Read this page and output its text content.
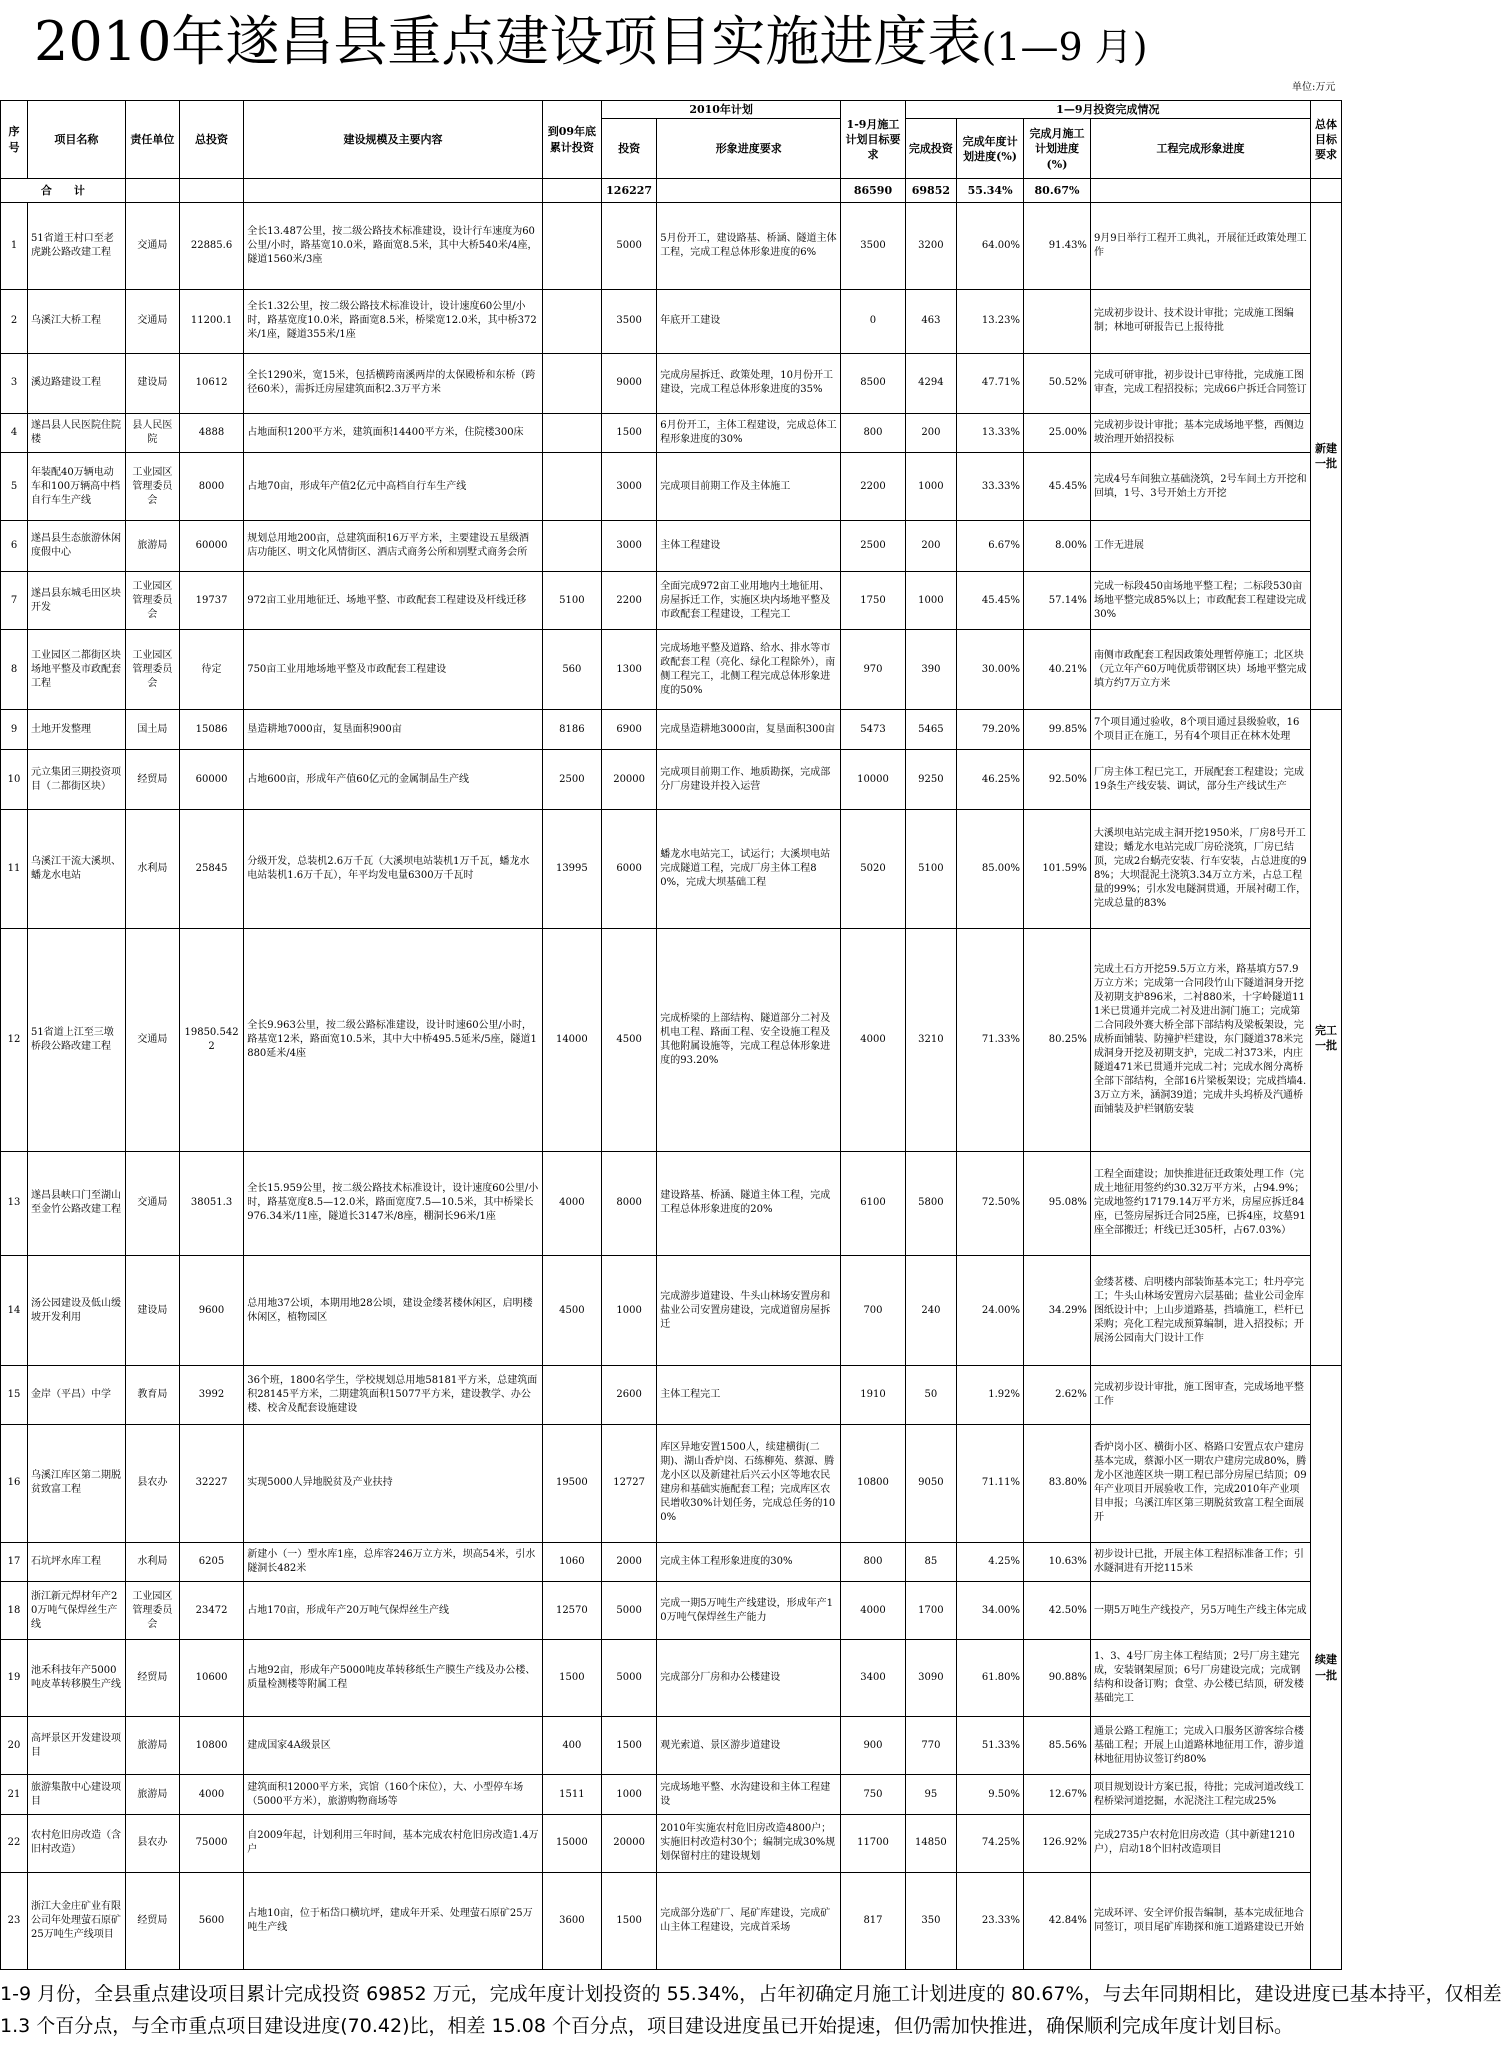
2010年遂昌县重点建设项目实施进度表(1—9 月)
单位:万元
序号	项目名称	责任单位	总投资	建设规模及主要内容	到09年底累计投资	2010年计划		1-9月施工计划目标要求	1—9月投资完成情况				总体目标要求
						投资	形象进度要求		完成投资	完成年度计划进度(%)	完成月施工计划进度(%)	工程完成形象进度	
合　　计						126227		86590	69852	55.34%	80.67%		
1	51省道王村口至老虎跳公路改建工程	交通局	22885.6	全长13.487公里，按二级公路技术标准建设，设计行车速度为60公里/小时，路基宽10.0米，路面宽8.5米，其中大桥540米/4座，隧道1560米/3座		5000	5月份开工，建设路基、桥涵、隧道主体工程，完成工程总体形象进度的6%	3500	3200	64.00%	91.43%	9月9日举行工程开工典礼，开展征迁政策处理工作	新建一批
2	乌溪江大桥工程	交通局	11200.1	全长1.32公里，按二级公路技术标准设计，设计速度60公里/小时，路基宽度10.0米，路面宽8.5米，桥梁宽12.0米，其中桥372米/1座，隧道355米/1座		3500	年底开工建设	0	463	13.23%		完成初步设计、技术设计审批；完成施工图编制；林地可研报告已上报待批	
3	溪边路建设工程	建设局	10612	全长1290米，宽15米，包括横跨南溪两岸的太保殿桥和东桥（跨径60米），需拆迁房屋建筑面积2.3万平方米		9000	完成房屋拆迁、政策处理，10月份开工建设，完成工程总体形象进度的35%	8500	4294	47.71%	50.52%	完成可研审批，初步设计已审待批，完成施工图审查，完成工程招投标；完成66户拆迁合同签订	
4	遂昌县人民医院住院楼	县人民医院	4888	占地面积1200平方米，建筑面积14400平方米，住院楼300床		1500	6月份开工，主体工程建设，完成总体工程形象进度的30%	800	200	13.33%	25.00%	完成初步设计审批；基本完成场地平整，西侧边坡治理开始招投标	
5	年装配40万辆电动车和100万辆高中档自行车生产线	工业园区管理委员会	8000	占地70亩，形成年产值2亿元中高档自行车生产线		3000	完成项目前期工作及主体施工	2200	1000	33.33%	45.45%	完成4号车间独立基础浇筑，2号车间土方开挖和回填，1号、3号开始土方开挖	
6	遂昌县生态旅游休闲度假中心	旅游局	60000	规划总用地200亩，总建筑面积16万平方米，主要建设五星级酒店功能区、明文化风情街区、酒店式商务公所和别墅式商务会所		3000	主体工程建设	2500	200	6.67%	8.00%	工作无进展	
7	遂昌县东城毛田区块开发	工业园区管理委员会	19737	972亩工业用地征迁、场地平整、市政配套工程建设及杆线迁移	5100	2200	全面完成972亩工业用地内土地征用、房屋拆迁工作，实施区块内场地平整及市政配套工程建设，工程完工	1750	1000	45.45%	57.14%	完成一标段450亩场地平整工程；二标段530亩场地平整完成85%以上；市政配套工程建设完成30%	
8	工业园区二都街区块场地平整及市政配套工程	工业园区管理委员会	待定	750亩工业用地场地平整及市政配套工程建设	560	1300	完成场地平整及道路、给水、排水等市政配套工程（亮化、绿化工程除外），南侧工程完工，北侧工程完成总体形象进度的50%	970	390	30.00%	40.21%	南侧市政配套工程因政策处理暂停施工；北区块（元立年产60万吨优质带钢区块）场地平整完成填方约7万立方米	
9	土地开发整理	国土局	15086	垦造耕地7000亩，复垦面积900亩	8186	6900	完成垦造耕地3000亩，复垦面积300亩	5473	5465	79.20%	99.85%	7个项目通过验收，8个项目通过县级验收，16个项目正在施工，另有4个项目正在林木处理	完工一批
10	元立集团三期投资项目（二都街区块）	经贸局	60000	占地600亩，形成年产值60亿元的金属制品生产线	2500	20000	完成项目前期工作、地质勘探，完成部分厂房建设并投入运营	10000	9250	46.25%	92.50%	厂房主体工程已完工，开展配套工程建设；完成19条生产线安装、调试，部分生产线试生产	
11	乌溪江干流大溪坝、蟠龙水电站	水利局	25845	分级开发，总装机2.6万千瓦（大溪坝电站装机1万千瓦，蟠龙水电站装机1.6万千瓦），年平均发电量6300万千瓦时	13995	6000	蟠龙水电站完工，试运行；大溪坝电站完成隧道工程，完成厂房主体工程80%，完成大坝基础工程	5020	5100	85.00%	101.59%	大溪坝电站完成主洞开挖1950米，厂房8号开工建设；蟠龙水电站完成厂房砼浇筑，厂房已结顶，完成2台蜗壳安装、行车安装，占总进度的98%；大坝混泥土浇筑3.34万立方米，占总工程量的99%；引水发电隧洞贯通，开展衬砌工作，完成总量的83%	
12	51省道上江至三墩桥段公路改建工程	交通局	19850.5422	全长9.963公里，按二级公路标准建设，设计时速60公里/小时，路基宽12米，路面宽10.5米，其中大中桥495.5延米/5座，隧道1880延米/4座	14000	4500	完成桥梁的上部结构、隧道部分二衬及机电工程、路面工程、安全设施工程及其他附属设施等，完成工程总体形象进度的93.20%	4000	3210	71.33%	80.25%	完成土石方开挖59.5万立方米，路基填方57.9万立方米；完成第一合同段竹山下隧道洞身开挖及初期支护896米，二衬880米，十字岭隧道111米已贯通并完成二衬及进出洞门施工；完成第二合同段外赛大桥全部下部结构及梁板架设，完成桥面铺装、防撞护栏建设，东门隧道378米完成洞身开挖及初期支护，完成二衬373米，内庄隧道471米已贯通并完成二衬；完成水阁分离桥全部下部结构，全部16片梁板架设；完成挡墙4.3万立方米，涵洞39道；完成井头坞桥及汽通桥面铺装及护栏钢筋安装	
13	遂昌县峡口门至湖山至金竹公路改建工程	交通局	38051.3	全长15.959公里，按二级公路技术标准设计，设计速度60公里/小时，路基宽度8.5—12.0米，路面宽度7.5—10.5米，其中桥梁长976.34米/11座，隧道长3147米/8座，棚洞长96米/1座	4000	8000	建设路基、桥涵、隧道主体工程，完成工程总体形象进度的20%	6100	5800	72.50%	95.08%	工程全面建设；加快推进征迁政策处理工作（完成土地征用签约约30.32万平方米，占94.9%；完成地签约17179.14万平方米，房屋应拆迁84座，已签房屋拆迁合同25座，已拆4座，坟墓91座全部搬迁；杆线已迁305杆，占67.03%）	
14	汤公园建设及低山缓坡开发利用	建设局	9600	总用地37公顷，本期用地28公顷，建设金缕茗楼休闲区，启明楼休闲区，植物园区	4500	1000	完成游步道建设、牛头山林场安置房和盐业公司安置房建设，完成道留房屋拆迁	700	240	24.00%	34.29%	金缕茗楼、启明楼内部装饰基本完工；牡丹亭完工；牛头山林场安置房六层基础；盐业公司金库图纸设计中；上山步道路基，挡墙施工，栏杆已采购；亮化工程完成预算编制，进入招投标；开展汤公园南大门设计工作	
15	金岸（平昌）中学	教育局	3992	36个班，1800名学生，学校规划总用地58181平方米，总建筑面积28145平方米，二期建筑面积15077平方米，建设教学、办公楼、校舍及配套设施建设		2600	主体工程完工	1910	50	1.92%	2.62%	完成初步设计审批，施工图审查，完成场地平整工作	续建一批
16	乌溪江库区第二期脱贫致富工程	县农办	32227	实现5000人异地脱贫及产业扶持	19500	12727	库区异地安置1500人，续建横街(二期)、湖山香炉岗、石练柳苑、蔡源、腾龙小区以及新建社后兴云小区等地农民建房和基础实施配套工程；完成库区农民增收30%计划任务，完成总任务的100%	10800	9050	71.11%	83.80%	香炉岗小区、横街小区、格路口安置点农户建房基本完成，蔡源小区一期农户建房完成80%，腾龙小区池莲区块一期工程已部分房屋已结顶；09年产业项目开展验收工作，完成2010年产业项目申报；乌溪江库区第三期脱贫致富工程全面展开	
17	石坑坪水库工程	水利局	6205	新建小（一）型水库1座，总库容246万立方米，坝高54米，引水隧洞长482米	1060	2000	完成主体工程形象进度的30%	800	85	4.25%	10.63%	初步设计已批，开展主体工程招标准备工作；引水隧洞进有开挖115米	
18	浙江新元焊材年产20万吨气保焊丝生产线	工业园区管理委员会	23472	占地170亩，形成年产20万吨气保焊丝生产线	12570	5000	完成一期5万吨生产线建设，形成年产10万吨气保焊丝生产能力	4000	1700	34.00%	42.50%	一期5万吨生产线投产，另5万吨生产线主体完成	
19	池禾科技年产5000吨皮革转移膜生产线	经贸局	10600	占地92亩，形成年产5000吨皮革转移纸生产膜生产线及办公楼、质量检测楼等附属工程	1500	5000	完成部分厂房和办公楼建设	3400	3090	61.80%	90.88%	1、3、4号厂房主体工程结顶；2号厂房主建完成，安装钢架屋顶；6号厂房建设完成；完成钢结构和设备订购；食堂、办公楼已结顶，研发楼基础完工	
20	高坪景区开发建设项目	旅游局	10800	建成国家4A级景区	400	1500	观光索道、景区游步道建设	900	770	51.33%	85.56%	通景公路工程施工；完成入口服务区游客综合楼基础工程；开展上山道路林地征用工作，游步道林地征用协议签订约80%	
21	旅游集散中心建设项目	旅游局	4000	建筑面积12000平方米，宾馆（160个床位），大、小型停车场（5000平方米），旅游购物商场等	1511	1000	完成场地平整、水沟建设和主体工程建设	750	95	9.50%	12.67%	项目规划设计方案已报，待批；完成河道改线工程桥梁河道挖掘，水泥浇注工程完成25%	
22	农村危旧房改造（含旧村改造）	县农办	75000	自2009年起，计划利用三年时间，基本完成农村危旧房改造1.4万户	15000	20000	2010年实施农村危旧房改造4800户；实施旧村改造村30个；编制完成30%规划保留村庄的建设规划	11700	14850	74.25%	126.92%	完成2735户农村危旧房改造（其中新建1210户），启动18个旧村改造项目	
23	浙江大金庄矿业有限公司年处理萤石原矿25万吨生产线项目	经贸局	5600	占地10亩，位于柘岱口横坑坪，建成年开采、处理萤石原矿25万吨生产线	3600	1500	完成部分选矿厂、尾矿库建设，完成矿山主体工程建设，完成首采场	817	350	23.33%	42.84%	完成环评、安全评价报告编制，基本完成征地合同签订，项目尾矿库勘探和施工道路建设已开始	

1-9 月份，全县重点建设项目累计完成投资 69852 万元，完成年度计划投资的 55.34%，占年初确定月施工计划进度的 80.67%，与去年同期相比，建设进度已基本持平，仅相差

1.3 个百分点，与全市重点项目建设进度(70.42)比，相差 15.08 个百分点，项目建设进度虽已开始提速，但仍需加快推进，确保顺利完成年度计划目标。
